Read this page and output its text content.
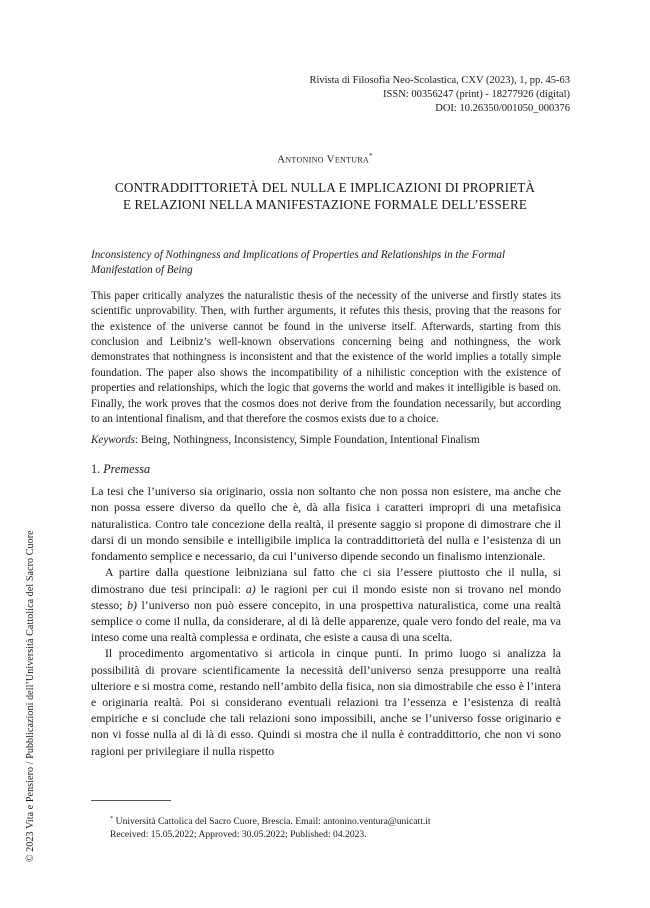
Rivista di Filosofia Neo-Scolastica, CXV (2023), 1, pp. 45-63
ISSN: 00356247 (print) - 18277926 (digital)
DOI: 10.26350/001050_000376
Antonino Ventura*
CONTRADDITTORIETÀ DEL NULLA E IMPLICAZIONI DI PROPRIETÀ
E RELAZIONI NELLA MANIFESTAZIONE FORMALE DELL’ESSERE

Inconsistency of Nothingness and Implications of Properties and Relationships in the Formal Manifestation of Being

This paper critically analyzes the naturalistic thesis of the necessity of the universe and firstly states its scientific unprovability. Then, with further arguments, it refutes this thesis, proving that the reasons for the existence of the universe cannot be found in the universe itself. Afterwards, starting from this conclusion and Leibniz’s well-known observations concerning being and nothingness, the work demonstrates that nothingness is inconsistent and that the existence of the world implies a totally simple foundation. The paper also shows the incompatibility of a nihilistic conception with the existence of properties and relationships, which the logic that governs the world and makes it intelligible is based on. Finally, the work proves that the cosmos does not derive from the foundation necessarily, but according to an intentional finalism, and that therefore the cosmos exists due to a choice.

Keywords: Being, Nothingness, Inconsistency, Simple Foundation, Intentional Finalism

1. Premessa

La tesi che l’universo sia originario, ossia non soltanto che non possa non esistere, ma anche che non possa essere diverso da quello che è, dà alla fisica i caratteri impropri di una metafisica naturalistica. Contro tale concezione della realtà, il presente saggio si propone di dimostrare che il darsi di un mondo sensibile e intelligibile implica la contraddittorietà del nulla e l’esistenza di un fondamento semplice e necessario, da cui l’universo dipende secondo un finalismo intenzionale.

A partire dalla questione leibniziana sul fatto che ci sia l’essere piuttosto che il nulla, si dimostrano due tesi principali: a) le ragioni per cui il mondo esiste non si trovano nel mondo stesso; b) l’universo non può essere concepito, in una prospettiva naturalistica, come una realtà semplice o come il nulla, da considerare, al di là delle apparenze, quale vero fondo del reale, ma va inteso come una realtà complessa e ordinata, che esiste a causa di una scelta.

Il procedimento argomentativo si articola in cinque punti. In primo luogo si analizza la possibilità di provare scientificamente la necessità dell’universo senza presupporre una realtà ulteriore e si mostra come, restando nell’ambito della fisica, non sia dimostrabile che esso è l’intera e originaria realtà. Poi si considerano eventuali relazioni tra l’essenza e l’esistenza di realtà empiriche e si conclude che tali relazioni sono impossibili, anche se l’universo fosse originario e non vi fosse nulla al di là di esso. Quindi si mostra che il nulla è contraddittorio, che non vi sono ragioni per privilegiare il nulla rispetto

* Università Cattolica del Sacro Cuore, Brescia. Email: antonino.ventura@unicatt.it
Received: 15.05.2022; Approved: 30.05.2022; Published: 04.2023.
© 2023 Vita e Pensiero / Pubblicazioni dell’Università Cattolica del Sacro Cuore
